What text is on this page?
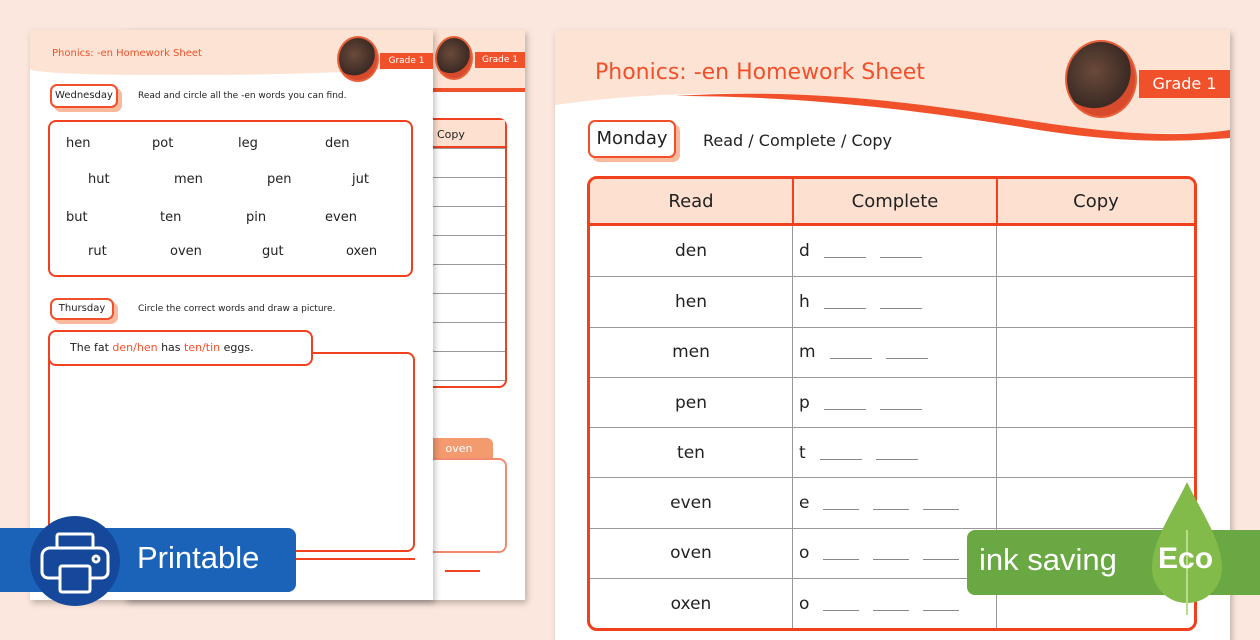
Grade 1
Copy
oven
Phonics: -en Homework Sheet
Grade 1
Wednesday	Read and circle all the -en words you can find.
hen	pot	leg	den
hut	men	pen	jut
but	ten	pin	even
rut	oven	gut	oxen
Thursday	Circle the correct words and draw a picture.
The fat den/hen has ten/tin eggs.
Phonics: -en Homework Sheet	Grade 1
Monday	Read / Complete / Copy
Read	Complete	Copy
den	d	
hen	h	
men	m	
pen	p	
ten	t	
even	e	
oven	o	
oxen	o	
Printable	ink saving Eco
